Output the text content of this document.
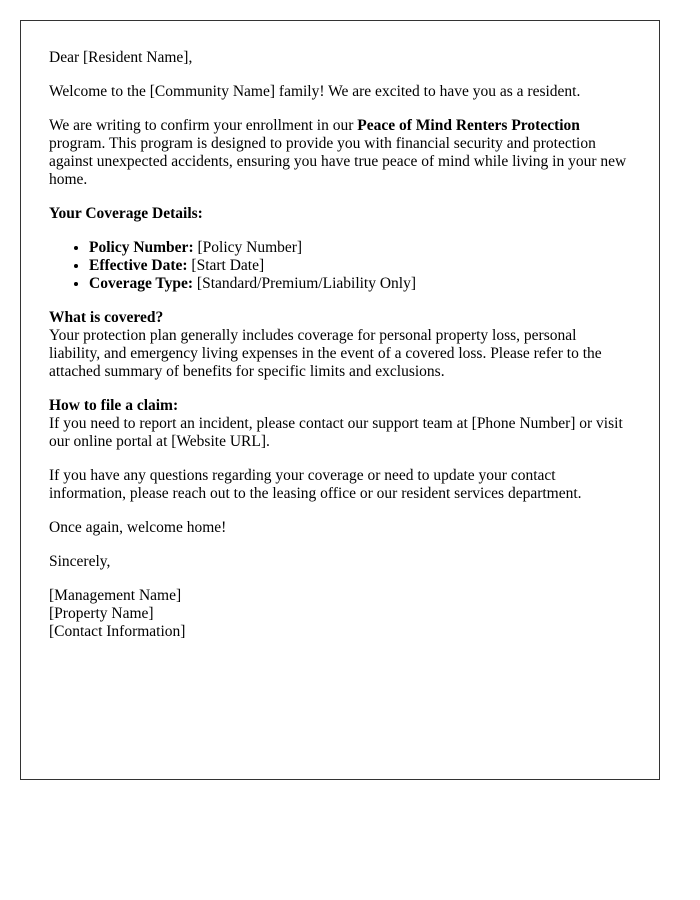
Dear [Resident Name],

Welcome to the [Community Name] family! We are excited to have you as a resident.

We are writing to confirm your enrollment in our Peace of Mind Renters Protection program. This program is designed to provide you with financial security and protection against unexpected accidents, ensuring you have true peace of mind while living in your new home.

Your Coverage Details:

• Policy Number: [Policy Number]
• Effective Date: [Start Date]
• Coverage Type: [Standard/Premium/Liability Only]

What is covered?
Your protection plan generally includes coverage for personal property loss, personal liability, and emergency living expenses in the event of a covered loss. Please refer to the attached summary of benefits for specific limits and exclusions.

How to file a claim:
If you need to report an incident, please contact our support team at [Phone Number] or visit our online portal at [Website URL].

If you have any questions regarding your coverage or need to update your contact information, please reach out to the leasing office or our resident services department.

Once again, welcome home!

Sincerely,

[Management Name]
[Property Name]
[Contact Information]
